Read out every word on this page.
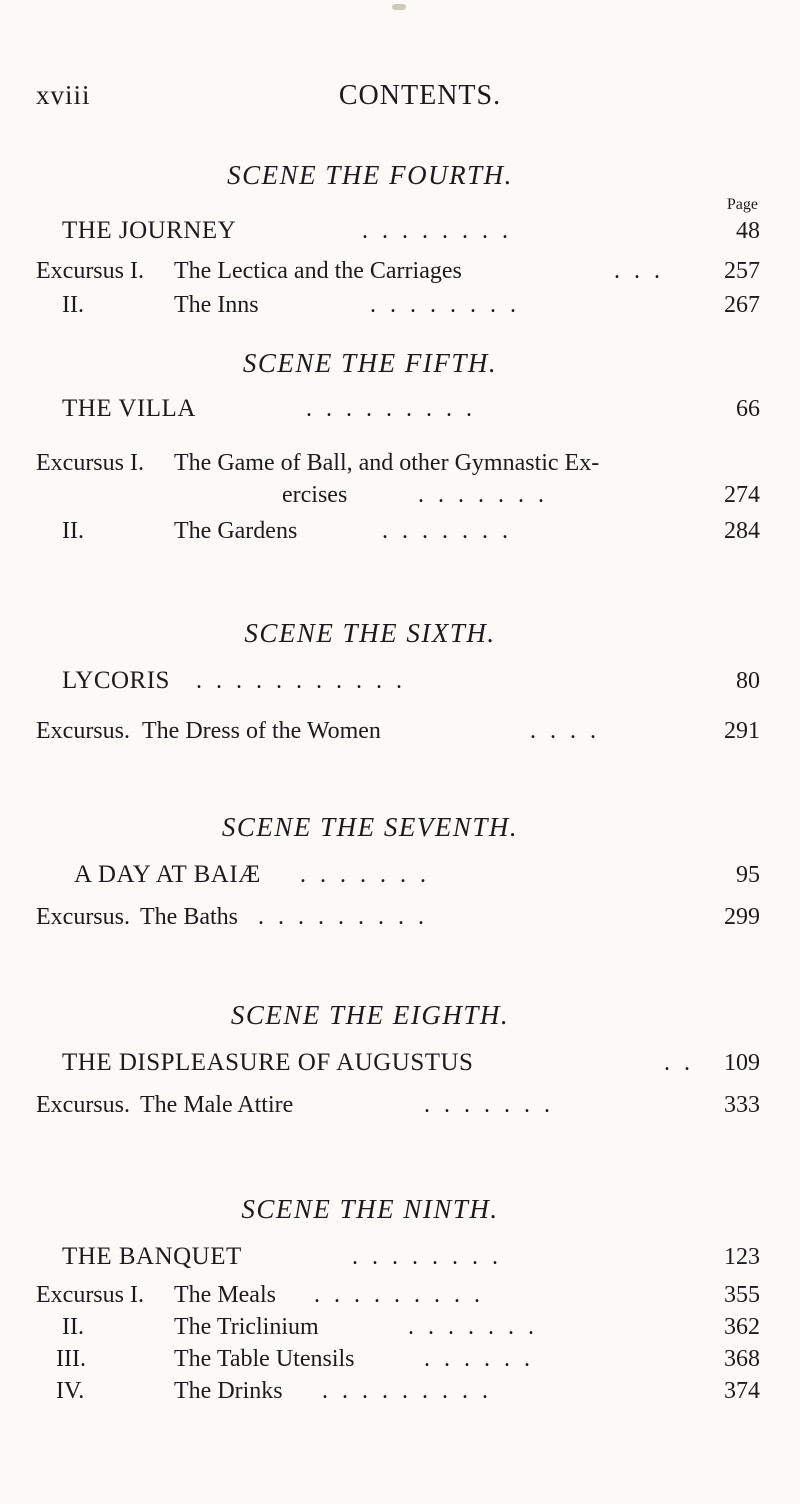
xviii	CONTENTS.
SCENE THE FOURTH.
Page
THE JOURNEY	........	48
Excursus I. The Lectica and the Carriages	...	257
II.	The Inns	........	267
SCENE THE FIFTH.
THE VILLA	.........	66
Excursus I. The Game of Ball, and other Gymnastic Ex-
ercises	.......	274
II.	The Gardens	.......	284
SCENE THE SIXTH.
LYCORIS ...........	80
Excursus. The Dress of the Women	....	291
SCENE THE SEVENTH.
A DAY AT BAIÆ .......	95
Excursus. The Baths .........	299
SCENE THE EIGHTH.
THE DISPLEASURE OF AUGUSTUS	.. 109
Excursus. The Male Attire	.......	333
SCENE THE NINTH.
THE BANQUET	........	123
Excursus I. The Meals .........	355
II.	The Triclinium	.......	362
III.	The Table Utensils	......	368
IV.	The Drinks .........	374
